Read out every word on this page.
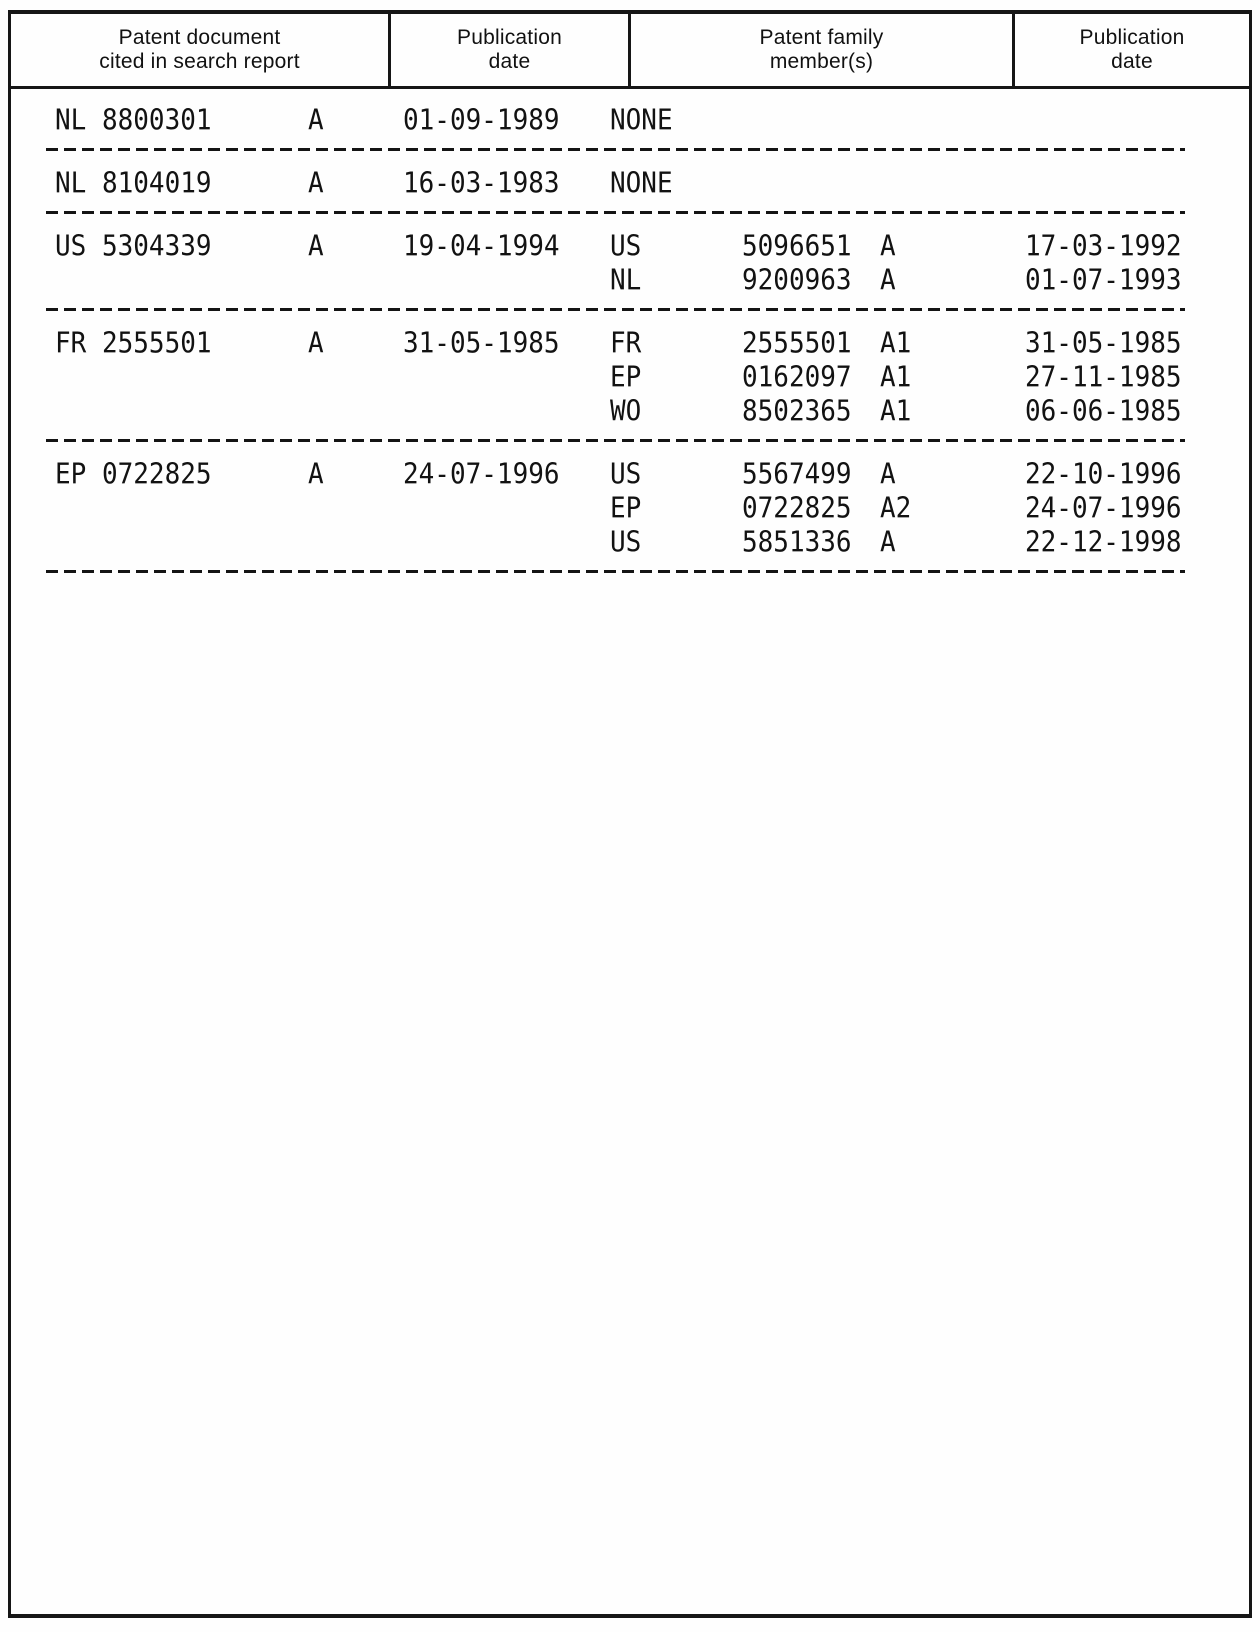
Patent document
cited in search report
Publication
date
Patent family
member(s)
Publication
date
NL 8800301	A	01-09-1989 NONE
NL 8104019	A	16-03-1983 NONE
US 5304339	A	19-04-1994 US	5096651 A	17-03-1992
NL	9200963 A	01-07-1993
FR 2555501	A	31-05-1985 FR	2555501 A1	31-05-1985
EP	0162097 A1	27-11-1985
WO	8502365 A1	06-06-1985
EP 0722825	A	24-07-1996 US	5567499 A	22-10-1996
EP	0722825 A2	24-07-1996
US	5851336 A	22-12-1998
